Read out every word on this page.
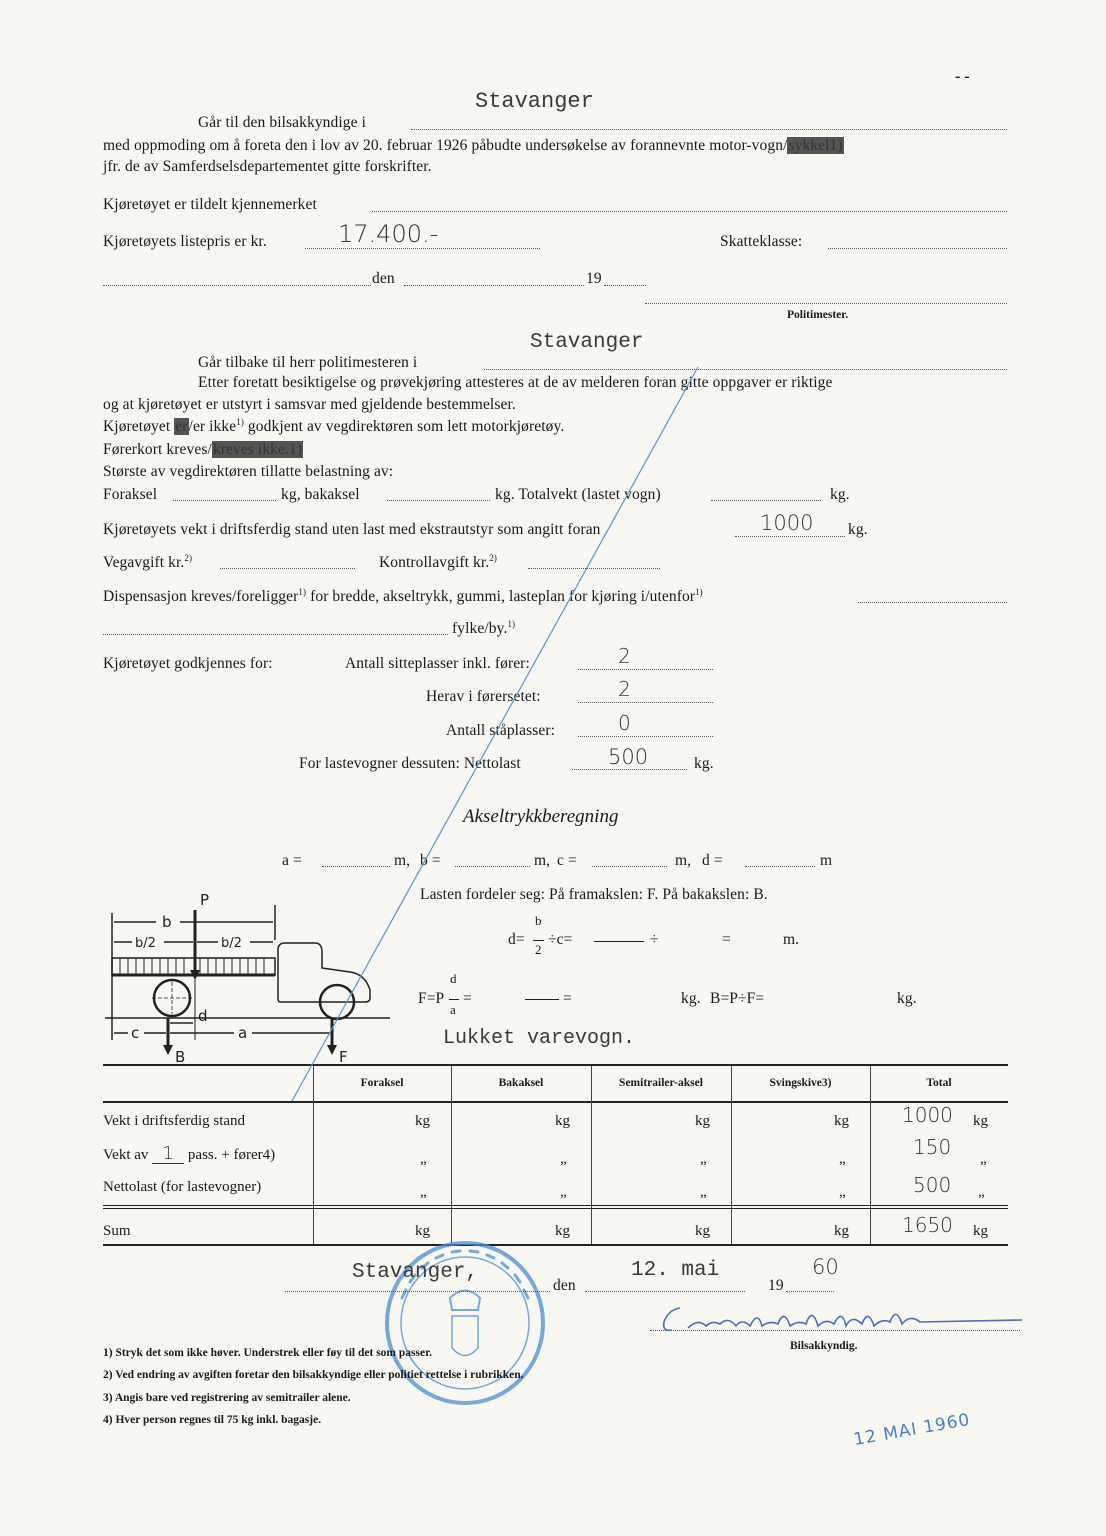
- -
Går til den bilsakkyndige i
Stavanger
med oppmoding om å foreta den i lov av 20. februar 1926 påbudte undersøkelse av forannevnte motor-vogn/sykkel1)
jfr. de av Samferdselsdepartementet gitte forskrifter.
Kjøretøyet er tildelt kjennemerket
Kjøretøyets listepris er kr.	17.400.-	Skatteklasse:
den	19
Politimester.
Går tilbake til herr politimesteren i
Stavanger
Etter foretatt besiktigelse og prøvekjøring attesteres at de av melderen foran gitte oppgaver er riktige
og at kjøretøyet er utstyrt i samsvar med gjeldende bestemmelser.
Kjøretøyet er/er ikke$^{1)}$ godkjent av vegdirektøren som lett motorkjøretøy.
Førerkort kreves/kreves ikke.1)
Største av vegdirektøren tillatte belastning av:
Foraksel	kg, bakaksel	kg. Totalvekt (lastet vogn)	kg.
Kjøretøyets vekt i driftsferdig stand uten last med ekstrautstyr som angitt foran	1000 kg.
Vegavgift kr.$^{2)}$	Kontrollavgift kr.$^{2)}$
Dispensasjon kreves/foreligger$^{1)}$ for bredde, akseltrykk, gummi, lasteplan for kjøring i/utenfor$^{1)}$
fylke/by.$^{1)}$
Kjøretøyet godkjennes for:	Antall sitteplasser inkl. fører:	2
Herav i førersetet:	2
Antall ståplasser:	0
For lastevogner dessuten: Nettolast	500	kg.
Akseltrykkberegning
a =	m, b =	m, c =	m, d =	m
Lasten fordeler seg: På framakslen: F. På bakakslen: B.
d=
b
2
÷c=	÷	=	m.
F=P
d
a
=	=	kg. B=P÷F=	kg.
Lukket varevogn.
P
b
b/2	b/2
c
d
a
B	F
Foraksel	Bakaksel	Semitrailer-aksel	Svingskive3)	Total
Vekt i driftsferdig stand	kg	kg	kg	kg	1000 kg
Vekt av 1 pass. + fører4)	„	„	„	„	150 „
Nettolast (for lastevogner)	„	„	„	„	500 „
Sum	kg	kg	kg	kg	1650 kg
Stavanger,
den
12. mai
19
60
Bilsakkyndig.
1) Stryk det som ikke høver. Understrek eller føy til det som passer.
2) Ved endring av avgiften foretar den bilsakkyndige eller politiet rettelse i rubrikken.
3) Angis bare ved registrering av semitrailer alene.
4) Hver person regnes til 75 kg inkl. bagasje.	12 MAI 1960
